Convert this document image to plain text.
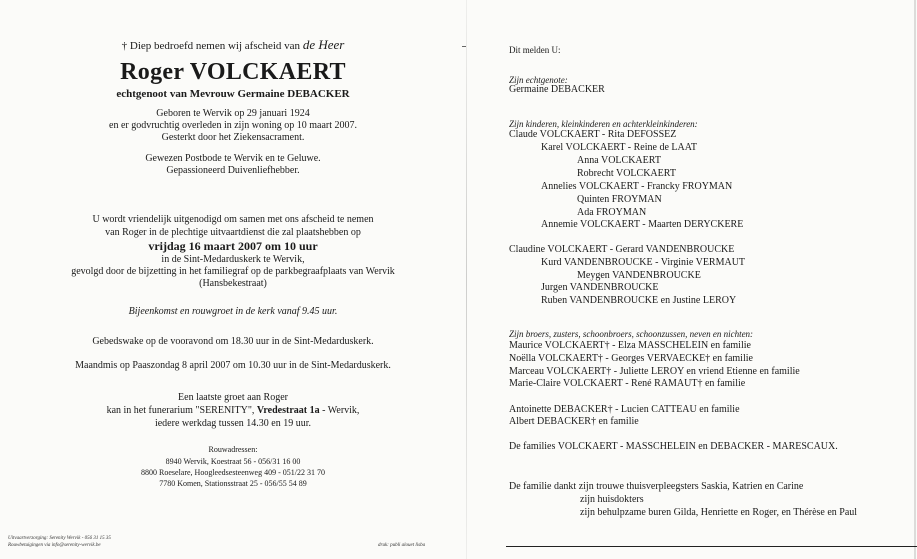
† Diep bedroefd nemen wij afscheid van de Heer
Roger VOLCKAERT
echtgenoot van Mevrouw Germaine DEBACKER
Geboren te Wervik op 29 januari 1924
en er godvruchtig overleden in zijn woning op 10 maart 2007.
Gesterkt door het Ziekensacrament.
Gewezen Postbode te Wervik en te Geluwe.
Gepassioneerd Duivenliefhebber.
U wordt vriendelijk uitgenodigd om samen met ons afscheid te nemen
van Roger in de plechtige uitvaartdienst die zal plaatshebben op
vrijdag 16 maart 2007 om 10 uur
in de Sint-Medarduskerk te Wervik,
gevolgd door de bijzetting in het familiegraf op de parkbegraafplaats van Wervik
(Hansbekestraat)
Bijeenkomst en rouwgroet in de kerk vanaf 9.45 uur.
Gebedswake op de vooravond om 18.30 uur in de Sint-Medarduskerk.
Maandmis op Paaszondag 8 april 2007 om 10.30 uur in de Sint-Medarduskerk.
Een laatste groet aan Roger
kan in het funerarium "SERENITY", Vredestraat 1a - Wervik,
iedere werkdag tussen 14.30 en 19 uur.
Rouwadressen:
8940 Wervik, Koestraat 56 - 056/31 16 00
8800 Roeselare, Hoogleedsesteenweg 409 - 051/22 31 70
7780 Komen, Stationsstraat 25 - 056/55 54 89
Uitvaartverzorging: Serenity Wervik - 056 31 15 35
Rouwbetuigingen via info@serenity-wervik.be	druk: publi alouet lisba
Dit melden U:
Zijn echtgenote:
Germaine DEBACKER
Zijn kinderen, kleinkinderen en achterkleinkinderen:
Claude VOLCKAERT - Rita DEFOSSEZ
Karel VOLCKAERT - Reine de LAAT
Anna VOLCKAERT
Robrecht VOLCKAERT
Annelies VOLCKAERT - Francky FROYMAN
Quinten FROYMAN
Ada FROYMAN
Annemie VOLCKAERT - Maarten DERYCKERE
Claudine VOLCKAERT - Gerard VANDENBROUCKE
Kurd VANDENBROUCKE - Virginie VERMAUT
Meygen VANDENBROUCKE
Jurgen VANDENBROUCKE
Ruben VANDENBROUCKE en Justine LEROY
Zijn broers, zusters, schoonbroers, schoonzussen, neven en nichten:
Maurice VOLCKAERT† - Elza MASSCHELEIN en familie
Noëlla VOLCKAERT† - Georges VERVAECKE† en familie
Marceau VOLCKAERT† - Juliette LEROY en vriend Etienne en familie
Marie-Claire VOLCKAERT - René RAMAUT† en familie
Antoinette DEBACKER† - Lucien CATTEAU en familie
Albert DEBACKER† en familie
De families VOLCKAERT - MASSCHELEIN en DEBACKER - MARESCAUX.
De familie dankt zijn trouwe thuisverpleegsters Saskia, Katrien en Carine
zijn huisdokters
zijn behulpzame buren Gilda, Henriette en Roger, en Thérèse en Paul
